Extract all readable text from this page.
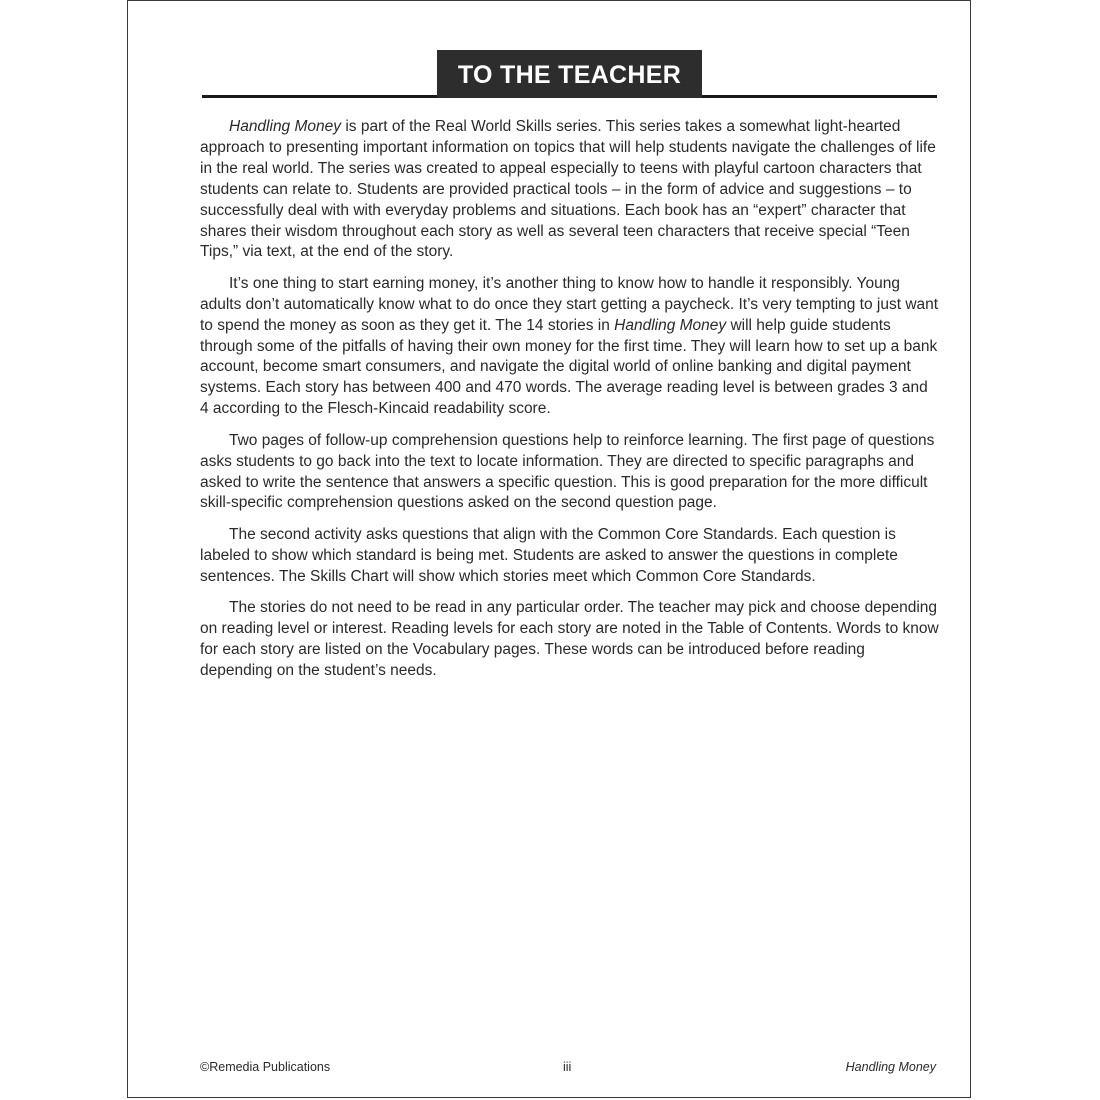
TO THE TEACHER

Handling Money is part of the Real World Skills series. This series takes a somewhat light-hearted approach to presenting important information on topics that will help students navigate the challenges of life in the real world. The series was created to appeal especially to teens with playful cartoon characters that students can relate to. Students are provided practical tools – in the form of advice and suggestions – to successfully deal with with everyday problems and situations. Each book has an “expert” character that shares their wisdom throughout each story as well as several teen characters that receive special “Teen Tips,” via text, at the end of the story.

It’s one thing to start earning money, it’s another thing to know how to handle it responsibly. Young adults don’t automatically know what to do once they start getting a paycheck. It’s very tempting to just want to spend the money as soon as they get it. The 14 stories in Handling Money will help guide students through some of the pitfalls of having their own money for the first time. They will learn how to set up a bank account, become smart consumers, and navigate the digital world of online banking and digital payment systems. Each story has between 400 and 470 words. The average reading level is between grades 3 and 4 according to the Flesch-Kincaid readability score.

Two pages of follow-up comprehension questions help to reinforce learning. The first page of questions asks students to go back into the text to locate information. They are directed to specific paragraphs and asked to write the sentence that answers a specific question. This is good preparation for the more difficult skill-specific comprehension questions asked on the second question page.

The second activity asks questions that align with the Common Core Standards. Each question is labeled to show which standard is being met. Students are asked to answer the questions in complete sentences. The Skills Chart will show which stories meet which Common Core Standards.

The stories do not need to be read in any particular order. The teacher may pick and choose depending on reading level or interest. Reading levels for each story are noted in the Table of Contents. Words to know for each story are listed on the Vocabulary pages. These words can be introduced before reading depending on the student’s needs.

©Remedia Publications	iii	Handling Money
